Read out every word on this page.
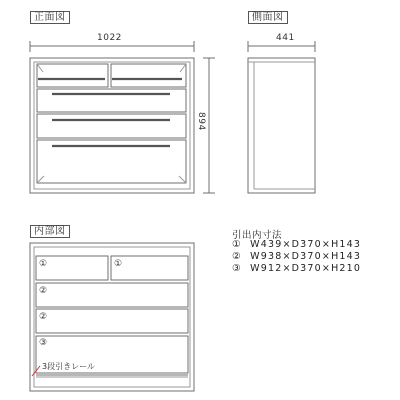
正面図	側面図
内部図
1022	441
894
①	①
②
②
③
3段引きレール
引出内寸法
① W439×D370×H143
② W938×D370×H143
③ W912×D370×H210
